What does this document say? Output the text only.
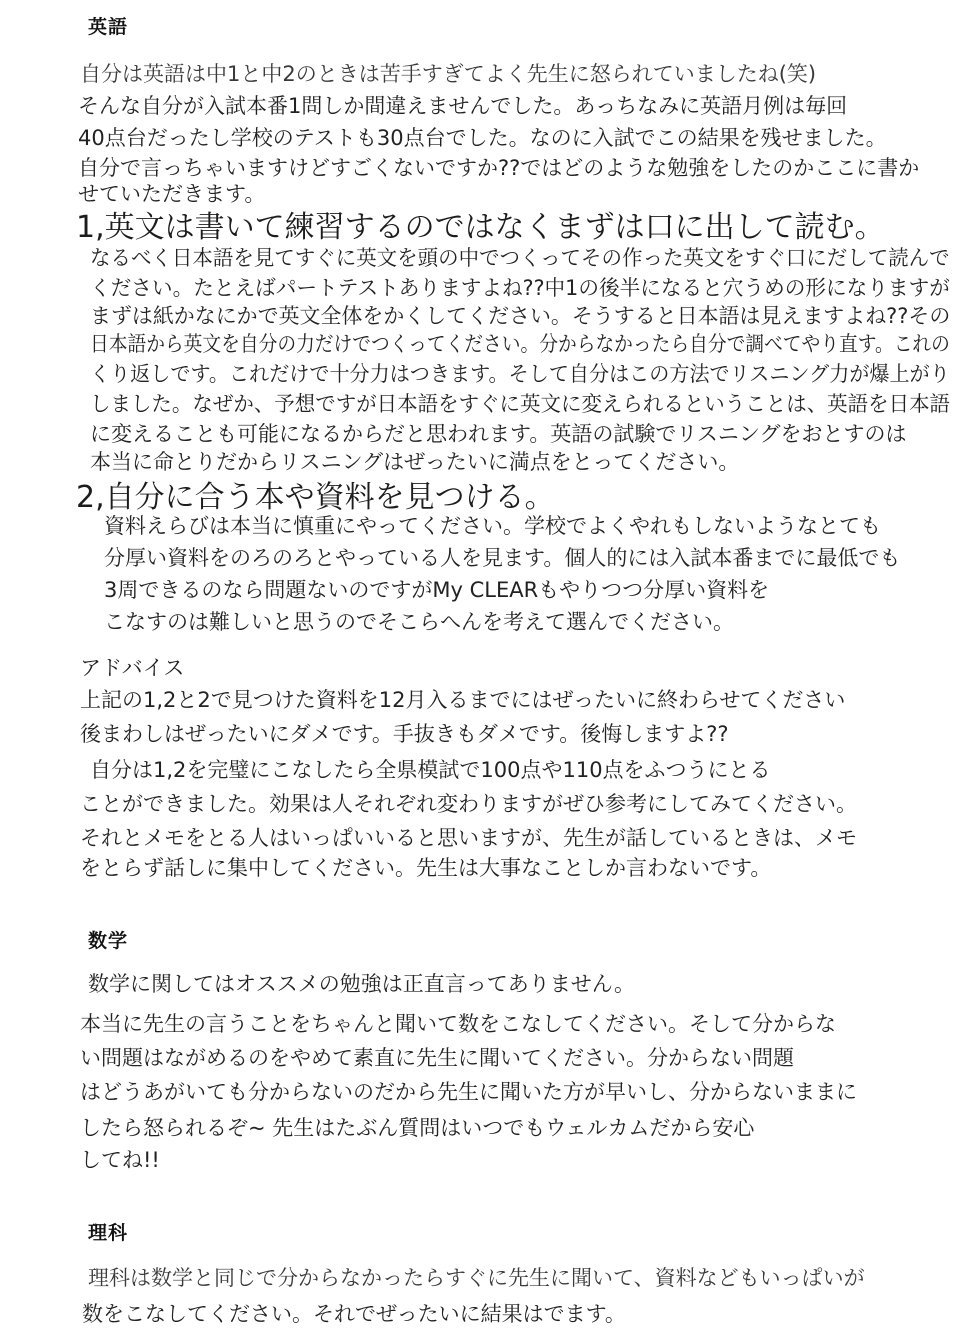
英語
自分は英語は中1と中2のときは苦手すぎてよく先生に怒られていましたね(笑)
そんな自分が入試本番1問しか間違えませんでした。あっちなみに英語月例は毎回
40点台だったし学校のテストも30点台でした。なのに入試でこの結果を残せました。
自分で言っちゃいますけどすごくないですか??ではどのような勉強をしたのかここに書か
せていただきます。
1,英文は書いて練習するのではなくまずは口に出して読む。
なるべく日本語を見てすぐに英文を頭の中でつくってその作った英文をすぐ口にだして読んで
ください。たとえばパートテストありますよね??中1の後半になると穴うめの形になりますが
まずは紙かなにかで英文全体をかくしてください。そうすると日本語は見えますよね??その
日本語から英文を自分の力だけでつくってください。分からなかったら自分で調べてやり直す。これの
くり返しです。これだけで十分力はつきます。そして自分はこの方法でリスニング力が爆上がり
しました。なぜか、予想ですが日本語をすぐに英文に変えられるということは、英語を日本語
に変えることも可能になるからだと思われます。英語の試験でリスニングをおとすのは
本当に命とりだからリスニングはぜったいに満点をとってください。
2,自分に合う本や資料を見つける。
資料えらびは本当に慎重にやってください。学校でよくやれもしないようなとても
分厚い資料をのろのろとやっている人を見ます。個人的には入試本番までに最低でも
3周できるのなら問題ないのですがMy CLEARもやりつつ分厚い資料を
こなすのは難しいと思うのでそこらへんを考えて選んでください。
アドバイス
上記の1,2と2で見つけた資料を12月入るまでにはぜったいに終わらせてください
後まわしはぜったいにダメです。手抜きもダメです。後悔しますよ??
自分は1,2を完璧にこなしたら全県模試で100点や110点をふつうにとる
ことができました。効果は人それぞれ変わりますがぜひ参考にしてみてください。
それとメモをとる人はいっぱいいると思いますが、先生が話しているときは、メモ
をとらず話しに集中してください。先生は大事なことしか言わないです。
数学
数学に関してはオススメの勉強は正直言ってありません。
本当に先生の言うことをちゃんと聞いて数をこなしてください。そして分からな
い問題はながめるのをやめて素直に先生に聞いてください。分からない問題
はどうあがいても分からないのだから先生に聞いた方が早いし、分からないままに
したら怒られるぞ~ 先生はたぶん質問はいつでもウェルカムだから安心
してね!!
理科
理科は数学と同じで分からなかったらすぐに先生に聞いて、資料などもいっぱいが
数をこなしてください。それでぜったいに結果はでます。
